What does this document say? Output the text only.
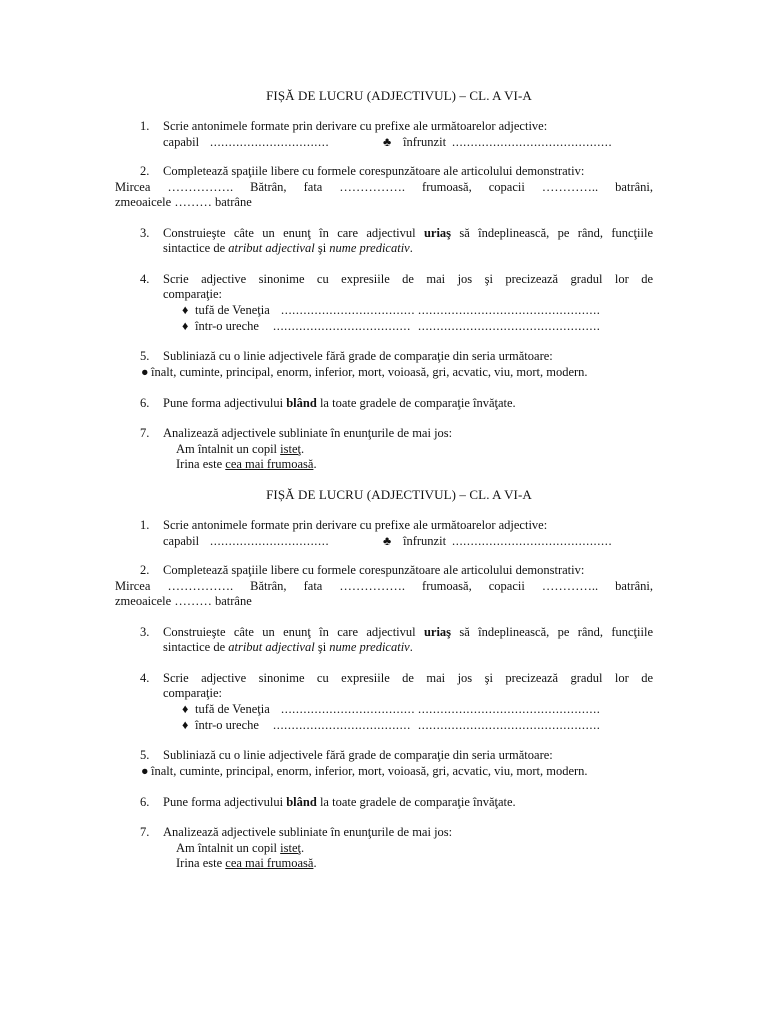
FIȘĂ DE LUCRU (ADJECTIVUL) – CL. A VI-A
1. Scrie antonimele formate prin derivare cu prefixe ale următoarelor adjective:
capabil ................................	♣ înfrunzit ...........................................
2. Completează spaţiile libere cu formele corespunzătoare ale articolului demonstrativ:
Mircea ……………. Bătrân, fata ……………. frumoasă, copacii ………….. batrâni,
zmeoaicele ……… batrâne
3. Construieşte câte un enunţ în care adjectivul uriaş să îndeplinească, pe rând, funcţiile
sintactice de atribut adjectival şi nume predicativ.
4. Scrie adjective sinonime cu expresiile de mai jos şi precizează gradul lor de
comparaţie:
♦ tufă de Veneţia .................................... .................................................
♦ într-o ureche ..................................... .................................................
5. Subliniază cu o linie adjectivele fără grade de comparaţie din seria următoare:
● înalt, cuminte, principal, enorm, inferior, mort, voioasă, gri, acvatic, viu, mort, modern.
6. Pune forma adjectivului blând la toate gradele de comparaţie învăţate.
7. Analizează adjectivele subliniate în enunţurile de mai jos:
Am întalnit un copil isteţ.
Irina este cea mai frumoasă.
FIȘĂ DE LUCRU (ADJECTIVUL) – CL. A VI-A
1. Scrie antonimele formate prin derivare cu prefixe ale următoarelor adjective:
capabil ................................	♣ înfrunzit ...........................................
2. Completează spaţiile libere cu formele corespunzătoare ale articolului demonstrativ:
Mircea ……………. Bătrân, fata ……………. frumoasă, copacii ………….. batrâni,
zmeoaicele ……… batrâne
3. Construieşte câte un enunţ în care adjectivul uriaş să îndeplinească, pe rând, funcţiile
sintactice de atribut adjectival şi nume predicativ.
4. Scrie adjective sinonime cu expresiile de mai jos şi precizează gradul lor de
comparaţie:
♦ tufă de Veneţia .................................... .................................................
♦ într-o ureche ..................................... .................................................
5. Subliniază cu o linie adjectivele fără grade de comparaţie din seria următoare:
● înalt, cuminte, principal, enorm, inferior, mort, voioasă, gri, acvatic, viu, mort, modern.
6. Pune forma adjectivului blând la toate gradele de comparaţie învăţate.
7. Analizează adjectivele subliniate în enunţurile de mai jos:
Am întalnit un copil isteţ.
Irina este cea mai frumoasă.
